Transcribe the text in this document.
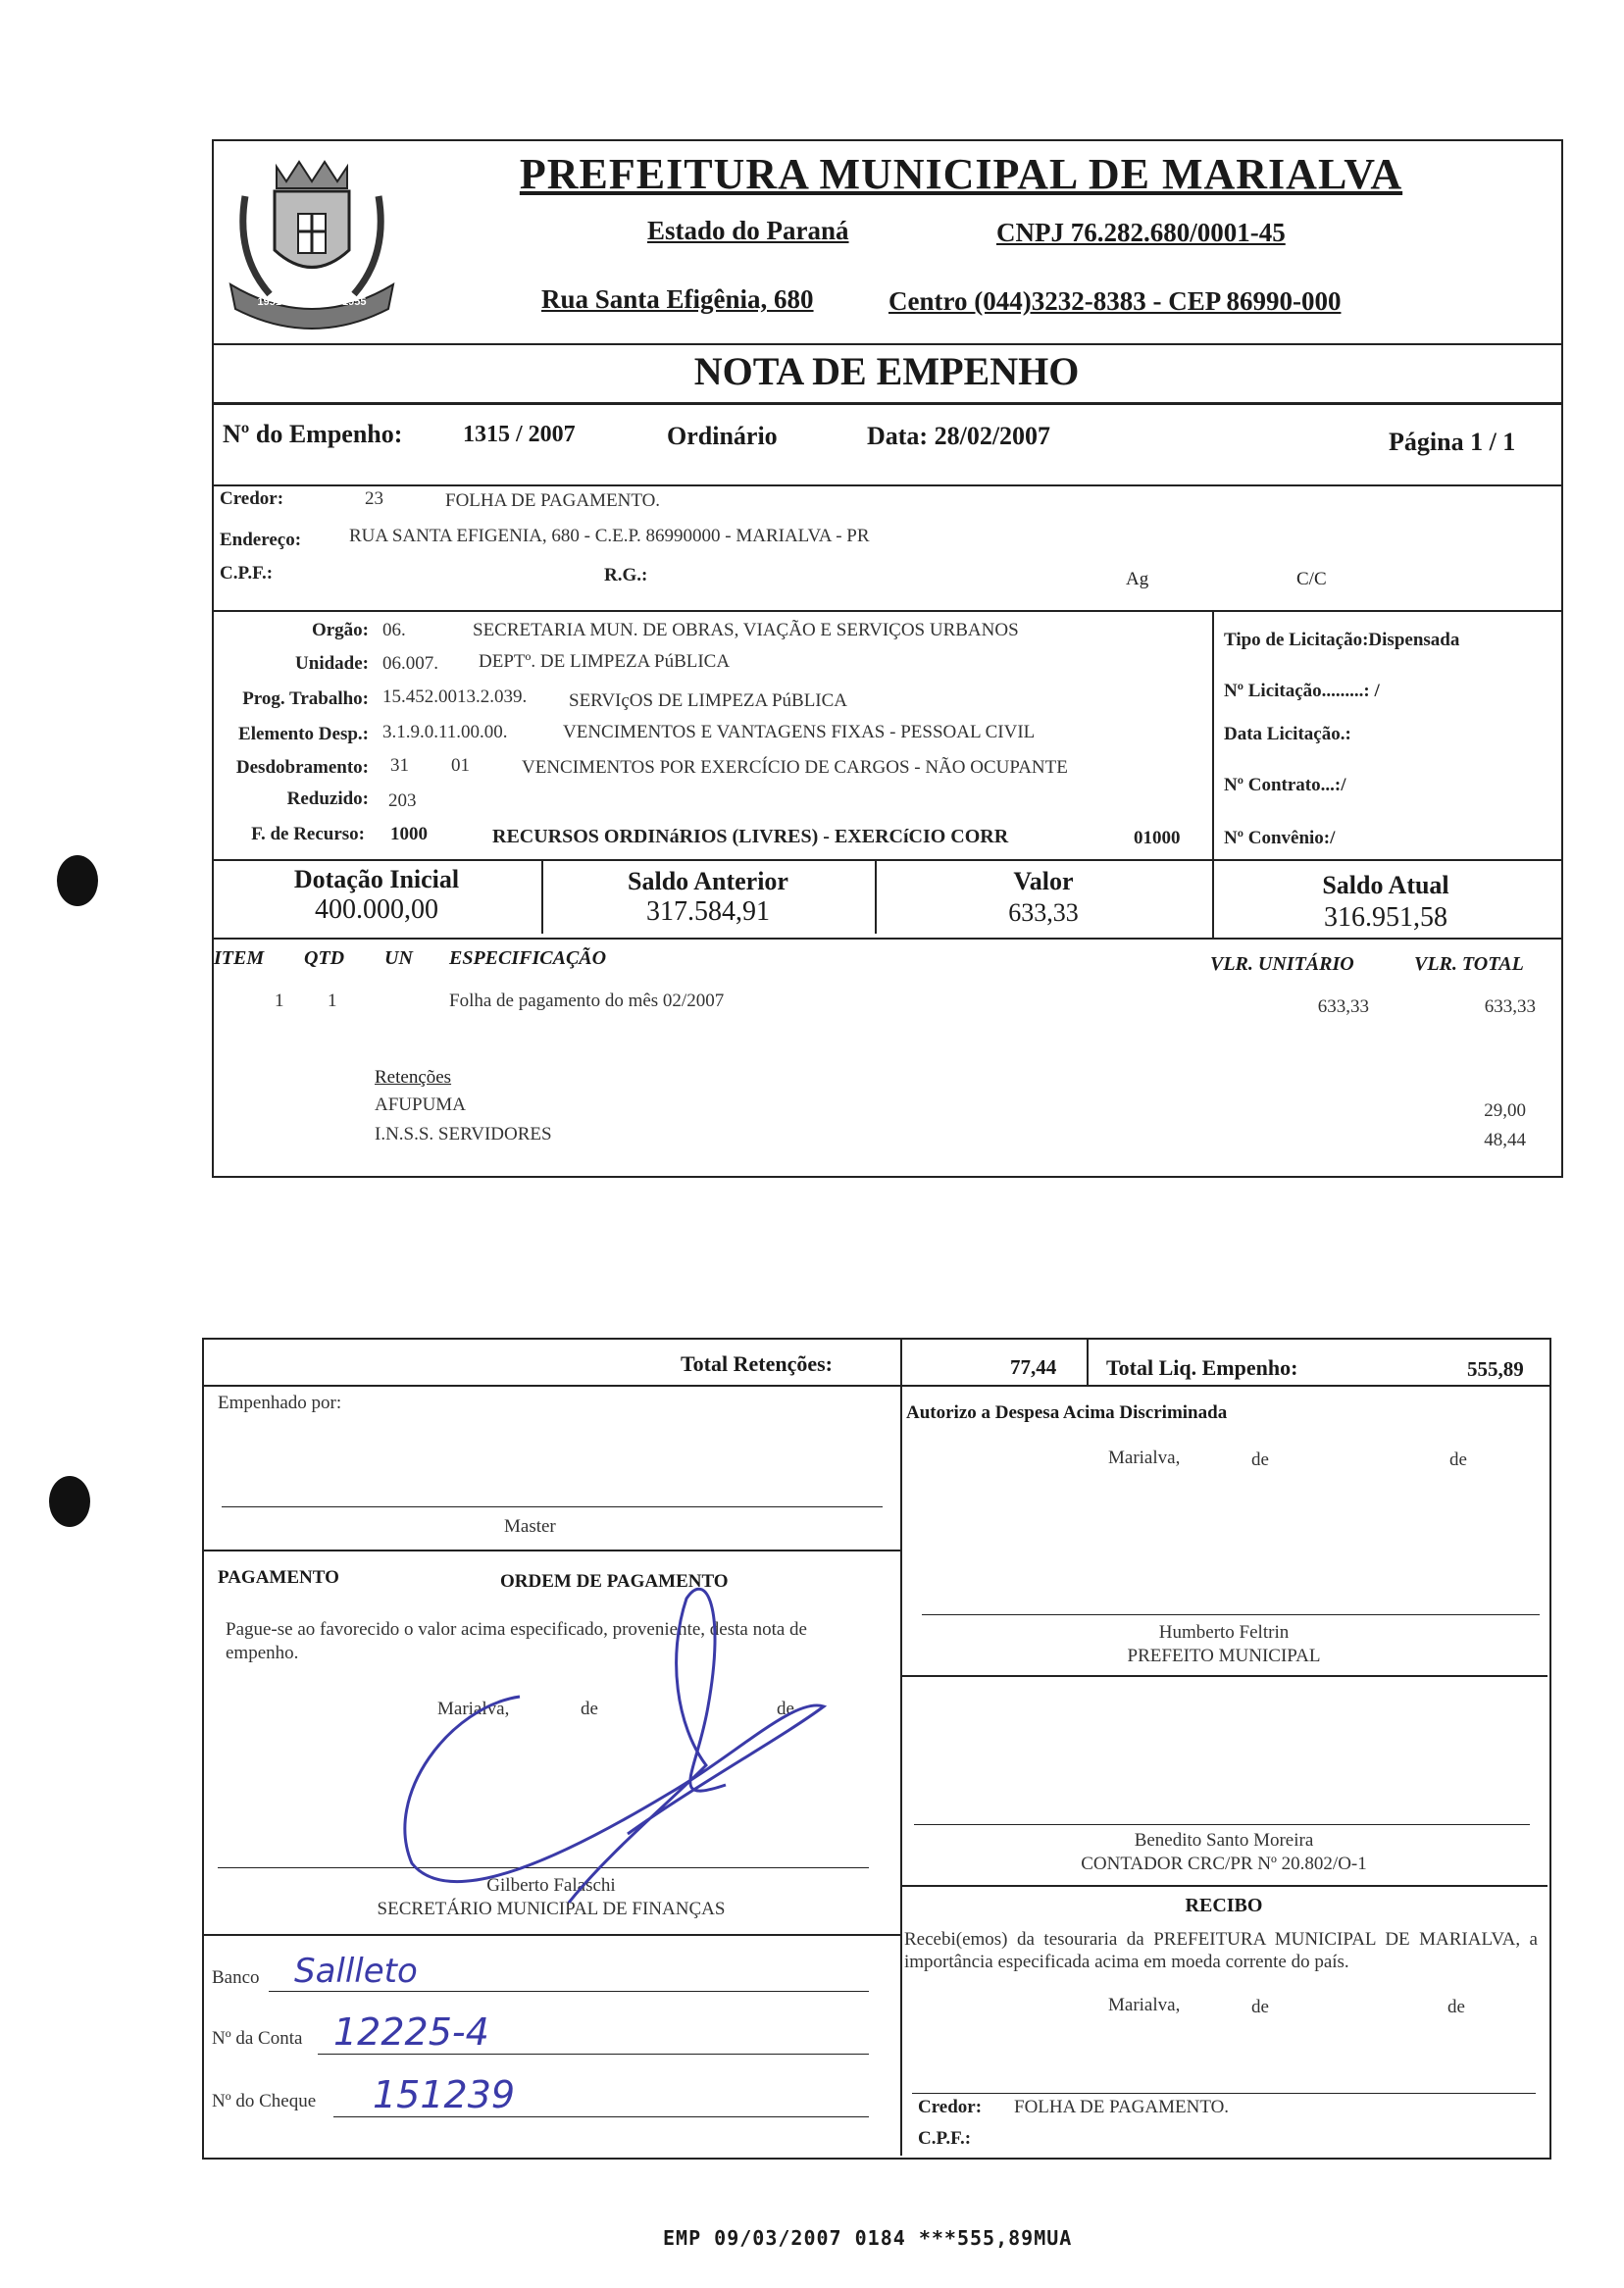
1951 MARIALVA 1955
PREFEITURA MUNICIPAL DE MARIALVA
Estado do Paraná	CNPJ 76.282.680/0001-45
Rua Santa Efigênia, 680	Centro (044)3232-8383 - CEP 86990-000
NOTA DE EMPENHO
Nº do Empenho:	1315 / 2007	Ordinário	Data: 28/02/2007	Página 1 / 1
Credor:	23	FOLHA DE PAGAMENTO.
Endereço:	RUA SANTA EFIGENIA, 680 - C.E.P. 86990000 - MARIALVA - PR
C.P.F.:	R.G.:	Ag	C/C
Orgão: 06.	SECRETARIA MUN. DE OBRAS, VIAÇÃO E SERVIÇOS URBANOS
Unidade: 06.007. DEPTº. DE LIMPEZA PúBLICA
Prog. Trabalho: 15.452.0013.2.039. SERVIçOS DE LIMPEZA PúBLICA
Elemento Desp.: 3.1.9.0.11.00.00.	VENCIMENTOS E VANTAGENS FIXAS - PESSOAL CIVIL
Desdobramento: 31 01	VENCIMENTOS POR EXERCÍCIO DE CARGOS - NÃO OCUPANTE
Reduzido: 203
F. de Recurso: 1000	RECURSOS ORDINáRIOS (LIVRES) - EXERCíCIO CORR	01000
Tipo de Licitação:Dispensada
Nº Licitação.........: /
Data Licitação.:
Nº Contrato...:/
Nº Convênio:/
Dotação Inicial
400.000,00
Saldo Anterior
317.584,91
Valor
633,33
Saldo Atual
316.951,58
ITEM QTD UN ESPECIFICAÇÃO	VLR. UNITÁRIO	VLR. TOTAL
1 1	Folha de pagamento do mês 02/2007	633,33	633,33
Retenções
AFUPUMA	29,00
I.N.S.S. SERVIDORES	48,44
Total Retenções:	77,44 Total Liq. Empenho:	555,89
Empenhado por:
Master
Autorizo a Despesa Acima Discriminada
Marialva,	de	de
Humberto Feltrin
PREFEITO MUNICIPAL
Benedito Santo Moreira
CONTADOR CRC/PR Nº 20.802/O-1
PAGAMENTO	ORDEM DE PAGAMENTO
Pague-se ao favorecido o valor acima especificado, proveniente, desta nota de empenho.
Marialva,	de	de
Gilberto Falaschi
SECRETÁRIO MUNICIPAL DE FINANÇAS
Banco Sallleto
Nº da Conta 12225-4
Nº do Cheque 151239
RECIBO
Recebi(emos) da tesouraria da PREFEITURA MUNICIPAL DE MARIALVA, a importância especificada acima em moeda corrente do país.
Marialva,	de	de
Credor: FOLHA DE PAGAMENTO.
C.P.F.:
EMP 09/03/2007 0184 ***555,89MUA
